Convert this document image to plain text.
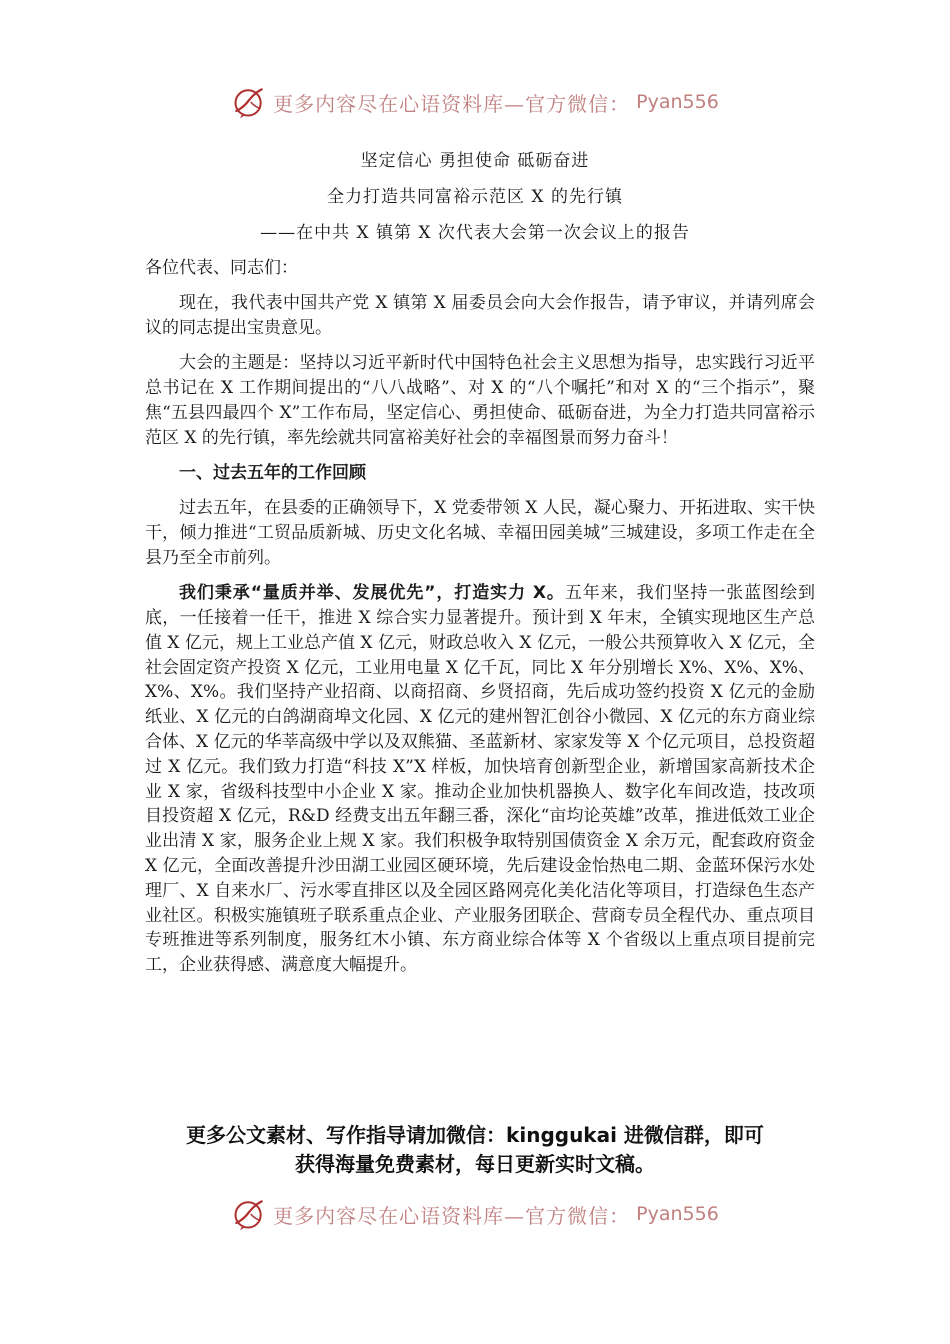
更多内容尽在心语资料库—官方微信： Pyan556
坚定信心 勇担使命 砥砺奋进
全力打造共同富裕示范区 X 的先行镇
——在中共 X 镇第 X 次代表大会第一次会议上的报告

各位代表、同志们：

现在，我代表中国共产党 X 镇第 X 届委员会向大会作报告，请予审议，并请列席会议的同志提出宝贵意见。

大会的主题是：坚持以习近平新时代中国特色社会主义思想为指导，忠实践行习近平总书记在 X 工作期间提出的“八八战略”、对 X 的“八个嘱托”和对 X 的“三个指示”，聚焦“五县四最四个 X”工作布局，坚定信心、勇担使命、砥砺奋进，为全力打造共同富裕示范区 X 的先行镇，率先绘就共同富裕美好社会的幸福图景而努力奋斗！

一、过去五年的工作回顾

过去五年，在县委的正确领导下，X 党委带领 X 人民，凝心聚力、开拓进取、实干快干，倾力推进“工贸品质新城、历史文化名城、幸福田园美城”三城建设，多项工作走在全县乃至全市前列。

我们秉承“量质并举、发展优先”，打造实力 X。五年来，我们坚持一张蓝图绘到底，一任接着一任干，推进 X 综合实力显著提升。预计到 X 年末，全镇实现地区生产总值 X 亿元，规上工业总产值 X 亿元，财政总收入 X 亿元，一般公共预算收入 X 亿元，全社会固定资产投资 X 亿元，工业用电量 X 亿千瓦，同比 X 年分别增长 X%、X%、X%、X%、X%。我们坚持产业招商、以商招商、乡贤招商，先后成功签约投资 X 亿元的金励纸业、X 亿元的白鸽湖商埠文化园、X 亿元的建州智汇创谷小微园、X 亿元的东方商业综合体、X 亿元的华莘高级中学以及双熊猫、圣蓝新材、家家发等 X 个亿元项目，总投资超过 X 亿元。我们致力打造“科技 X”X 样板，加快培育创新型企业，新增国家高新技术企业 X 家，省级科技型中小企业 X 家。推动企业加快机器换人、数字化车间改造，技改项目投资超 X 亿元，R&D 经费支出五年翻三番，深化“亩均论英雄”改革，推进低效工业企业出清 X 家，服务企业上规 X 家。我们积极争取特别国债资金 X 余万元，配套政府资金 X 亿元，全面改善提升沙田湖工业园区硬环境，先后建设金怡热电二期、金蓝环保污水处理厂、X 自来水厂、污水零直排区以及全园区路网亮化美化洁化等项目，打造绿色生态产业社区。积极实施镇班子联系重点企业、产业服务团联企、营商专员全程代办、重点项目专班推进等系列制度，服务红木小镇、东方商业综合体等 X 个省级以上重点项目提前完工，企业获得感、满意度大幅提升。

更多公文素材、写作指导请加微信：kinggukai 进微信群，即可
获得海量免费素材，每日更新实时文稿。
更多内容尽在心语资料库—官方微信： Pyan556
